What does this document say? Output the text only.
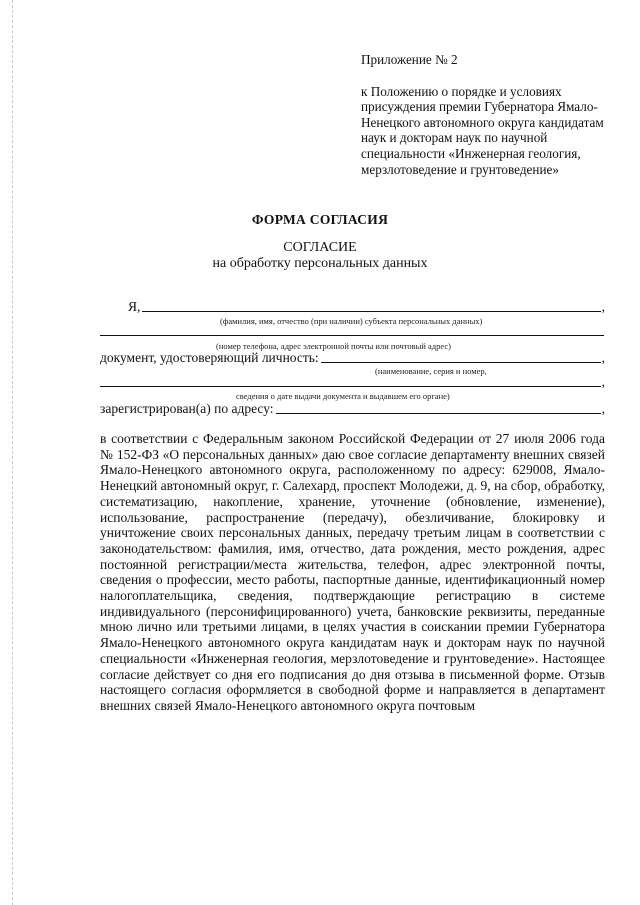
Приложение № 2
к Положению о порядке и условиях присуждения премии Губернатора Ямало-Ненецкого автономного округа кандидатам наук и докторам наук по научной специальности «Инженерная геология, мерзлотоведение и грунтоведение»
ФОРМА СОГЛАСИЯ
СОГЛАСИЕ
на обработку персональных данных
Я,	,
(фамилия, имя, отчество (при наличии) субъекта персональных данных)
(номер телефона, адрес электронной почты или почтовый адрес)
документ, удостоверяющий личность:	,
(наименование, серия и номер,
,
сведения о дате выдачи документа и выдавшем его органе)
зарегистрирован(а) по адресу:	,
в соответствии с Федеральным законом Российской Федерации от 27 июля 2006 года № 152-ФЗ «О персональных данных» даю свое согласие департаменту внешних связей Ямало-Ненецкого автономного округа, расположенному по адресу: 629008, Ямало-Ненецкий автономный округ, г. Салехард, проспект Молодежи, д. 9, на сбор, обработку, систематизацию, накопление, хранение, уточнение (обновление, изменение), использование, распространение (передачу), обезличивание, блокировку и уничтожение своих персональных данных, передачу третьим лицам в соответствии с законодательством: фамилия, имя, отчество, дата рождения, место рождения, адрес постоянной регистрации/места жительства, телефон, адрес электронной почты, сведения о профессии, место работы, паспортные данные, идентификационный номер налогоплательщика, сведения, подтверждающие регистрацию в системе индивидуального (персонифицированного) учета, банковские реквизиты, переданные мною лично или третьими лицами, в целях участия в соискании премии Губернатора Ямало-Ненецкого автономного округа кандидатам наук и докторам наук по научной специальности «Инженерная геология, мерзлотоведение и грунтоведение». Настоящее согласие действует со дня его подписания до дня отзыва в письменной форме. Отзыв настоящего согласия оформляется в свободной форме и направляется в департамент внешних связей Ямало-Ненецкого автономного округа почтовым
